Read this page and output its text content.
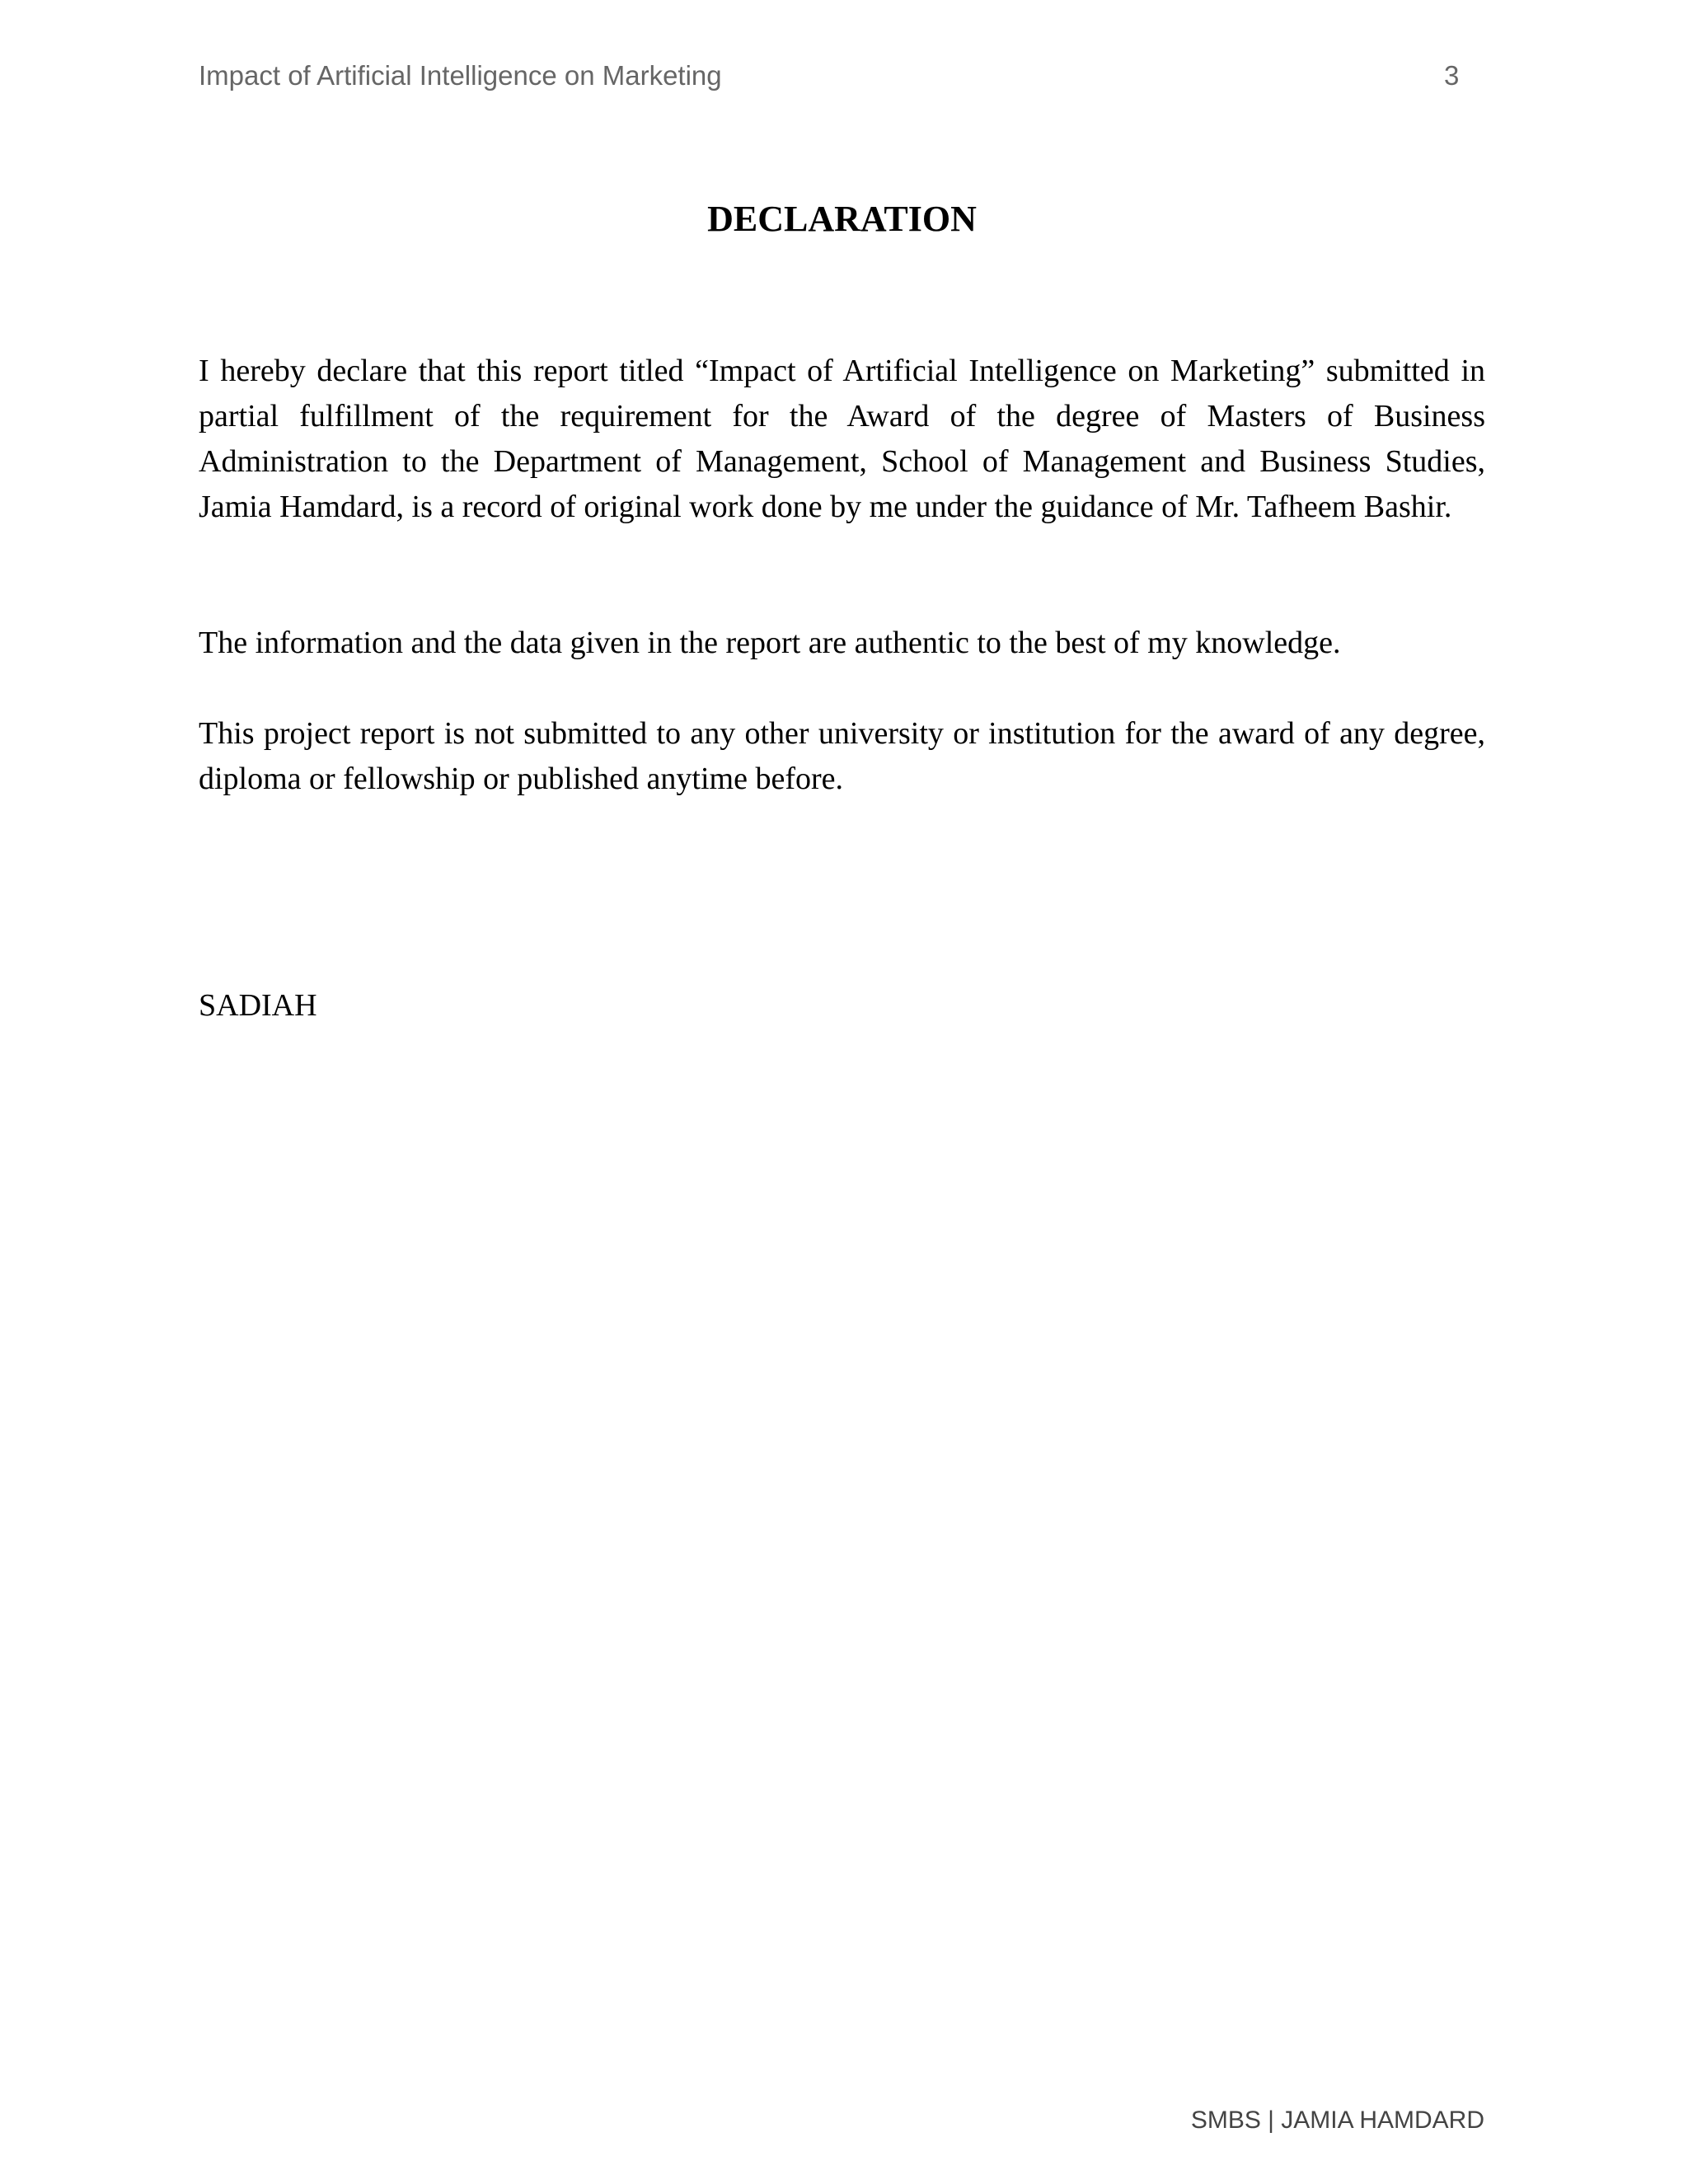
Impact of Artificial Intelligence on Marketing	3
DECLARATION

I hereby declare that this report titled “Impact of Artificial Intelligence on Marketing” submitted in partial fulfillment of the requirement for the Award of the degree of Masters of Business Administration to the Department of Management, School of Management and Business Studies, Jamia Hamdard, is a record of original work done by me under the guidance of Mr. Tafheem Bashir.

The information and the data given in the report are authentic to the best of my knowledge.

This project report is not submitted to any other university or institution for the award of any degree, diploma or fellowship or published anytime before.

SADIAH
SMBS | JAMIA HAMDARD
